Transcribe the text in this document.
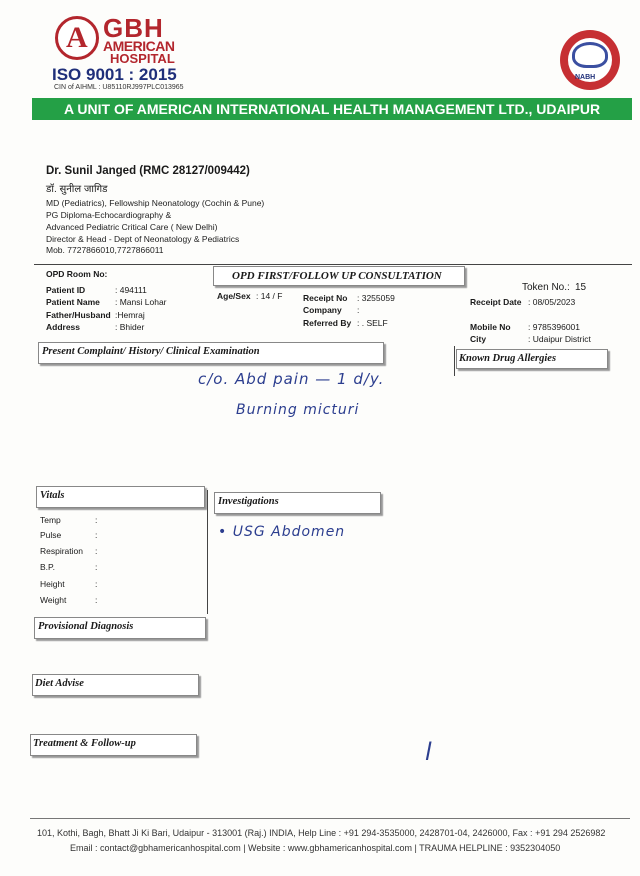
A GBH
AMERICAN
HOSPITAL
ISO 9001 : 2015
CIN of AIHML : U85110RJ997PLC013965
NABH
A UNIT OF AMERICAN INTERNATIONAL HEALTH MANAGEMENT LTD., UDAIPUR
Dr. Sunil Janged (RMC 28127/009442)
डॉ. सुनील जागिड
MD (Pediatrics), Fellowship Neonatology (Cochin & Pune)
PG Diploma-Echocardiography &
Advanced Pediatric Critical Care ( New Delhi)
Director & Head - Dept of Neonatology & Pediatrics
Mob. 7727866010,7727866011
OPD Room No:	OPD FIRST/FOLLOW UP CONSULTATION
Token No.: 15
Patient ID	: 494111
Patient Name : Mansi Lohar
Father/Husband :Hemraj
Address	: Bhider
Age/Sex : 14 / F Receipt No : 3255059
Company :
Referred By : . SELF
Receipt Date : 08/05/2023
Mobile No : 9785396001
City	: Udaipur District
Present Complaint/ History/ Clinical Examination
Known Drug Allergies
c/o. Abd pain — 1 d/y.
Burning micturi
Vitals
Temp	:
Pulse	:
Respiration :
B.P.	:
Height	:
Weight	:
Investigations
• USG Abdomen
Provisional Diagnosis
Diet Advise
Treatment & Follow-up	l
101, Kothi, Bagh, Bhatt Ji Ki Bari, Udaipur - 313001 (Raj.) INDIA, Help Line : +91 294-3535000, 2428701-04, 2426000, Fax : +91 294 2526982
Email : contact@gbhamericanhospital.com | Website : www.gbhamericanhospital.com | TRAUMA HELPLINE : 9352304050
